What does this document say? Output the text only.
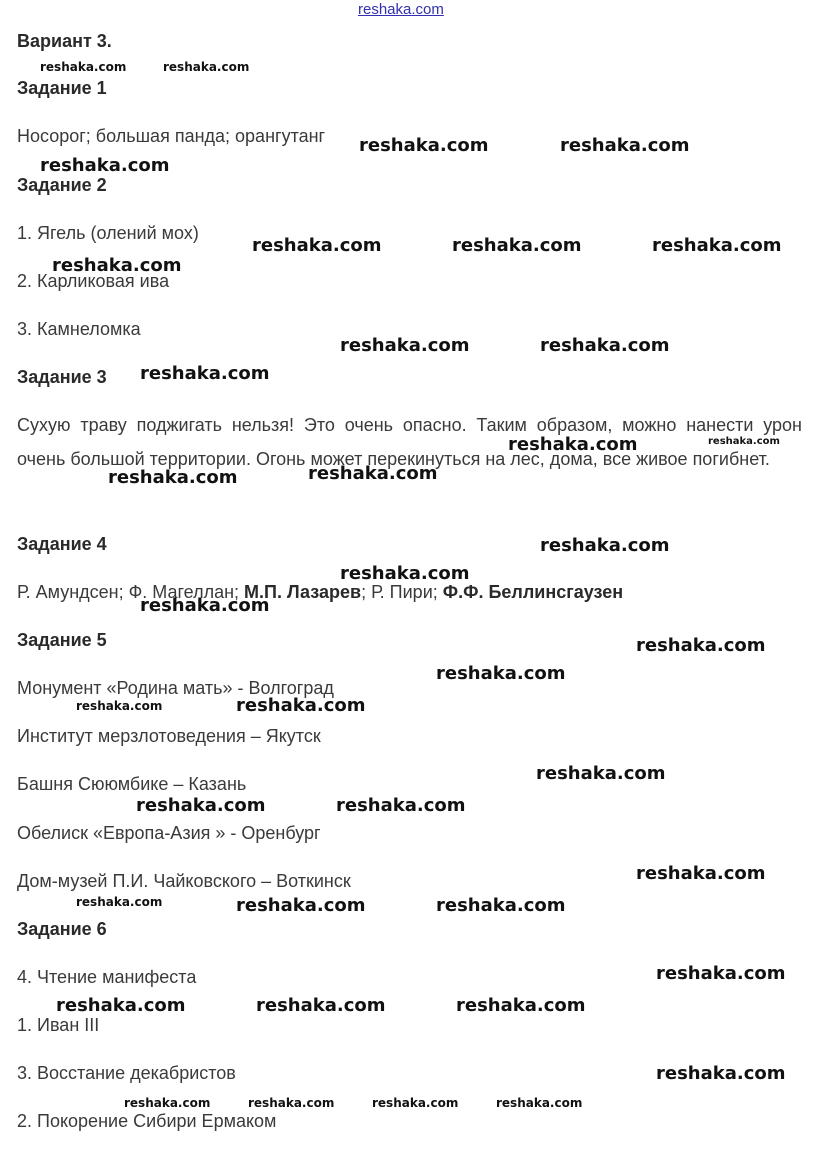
reshaka.com
Вариант 3.
Задание 1
Носорог; большая панда; орангутанг
Задание 2
1. Ягель (олений мох)
2. Карликовая ива
3. Камнеломка
Задание 3
Сухую траву поджигать нельзя! Это очень опасно. Таким образом, можно нанести урон очень большой территории. Огонь может перекинуться на лес, дома, все живое погибнет.
Задание 4
Р. Амундсен; Ф. Магеллан; М.П. Лазарев; Р. Пири; Ф.Ф. Беллинсгаузен
Задание 5
Монумент «Родина мать» - Волгоград
Институт мерзлотоведения – Якутск
Башня Сююмбике – Казань
Обелиск «Европа-Азия » - Оренбург
Дом-музей П.И. Чайковского – Воткинск
Задание 6
4. Чтение манифеста
1. Иван III
3. Восстание декабристов
2. Покорение Сибири Ермаком
reshaka.com	reshaka.com
reshaka.com
reshaka.com	reshaka.com
reshaka.com	reshaka.com	reshaka.com
reshaka.com
reshaka.com	reshaka.com
reshaka.com
reshaka.com	reshaka.com
reshaka.com
reshaka.com
reshaka.com
reshaka.com
reshaka.com
reshaka.com
reshaka.com
reshaka.com	reshaka.com
reshaka.com
reshaka.com	reshaka.com
reshaka.com
reshaka.com	reshaka.com	reshaka.com
reshaka.com
reshaka.com	reshaka.com	reshaka.com
reshaka.com
reshaka.com	reshaka.com	reshaka.com	reshaka.com
